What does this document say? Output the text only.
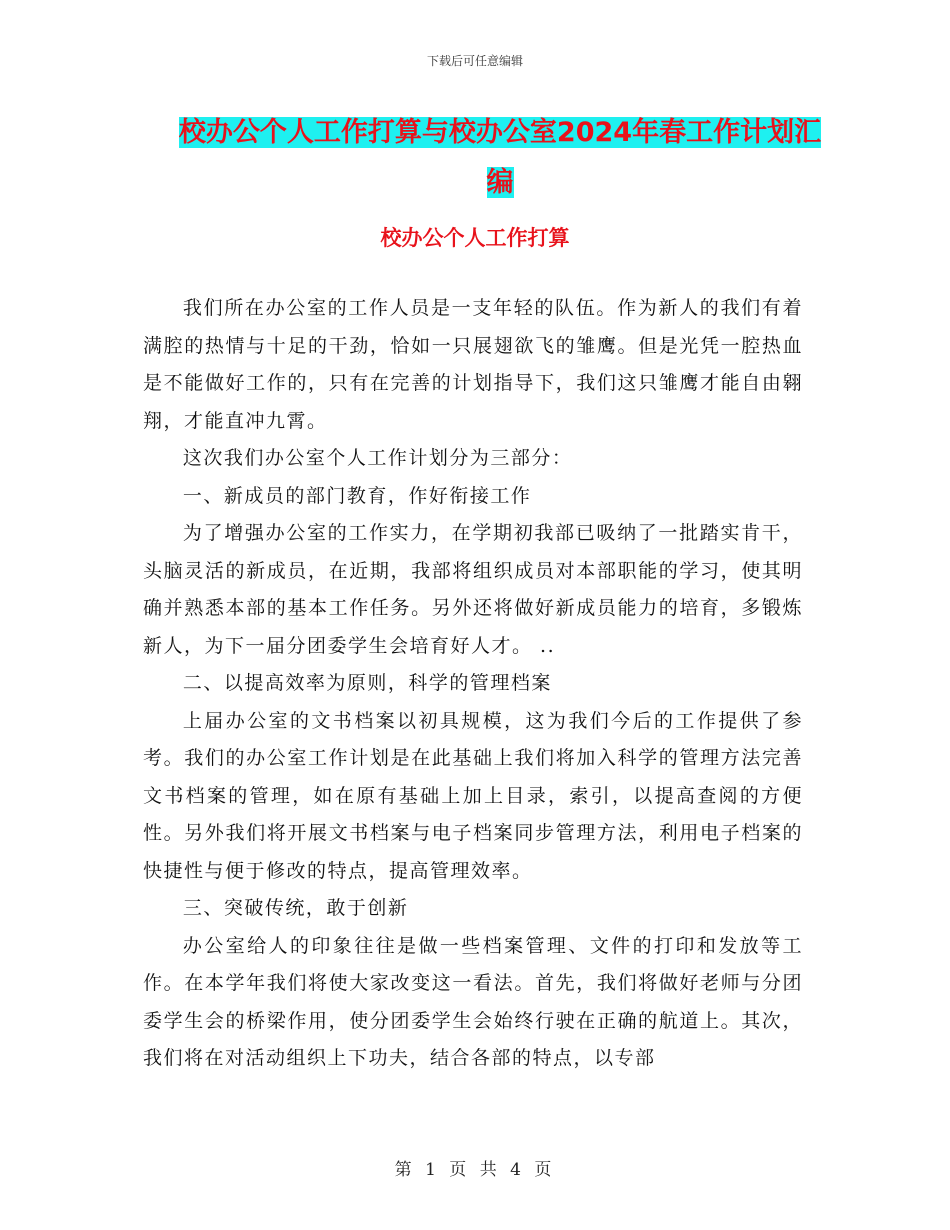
下载后可任意编辑
校办公个人工作打算与校办公室2024年春工作计划汇
编
校办公个人工作打算

我们所在办公室的工作人员是一支年轻的队伍。作为新人的我们有着满腔的热情与十足的干劲，恰如一只展翅欲飞的雏鹰。但是光凭一腔热血是不能做好工作的，只有在完善的计划指导下，我们这只雏鹰才能自由翱翔，才能直冲九霄。

这次我们办公室个人工作计划分为三部分：

一、新成员的部门教育，作好衔接工作

为了增强办公室的工作实力，在学期初我部已吸纳了一批踏实肯干，头脑灵活的新成员，在近期，我部将组织成员对本部职能的学习，使其明确并熟悉本部的基本工作任务。另外还将做好新成员能力的培育，多锻炼新人，为下一届分团委学生会培育好人才。 ..

二、以提高效率为原则，科学的管理档案

上届办公室的文书档案以初具规模，这为我们今后的工作提供了参考。我们的办公室工作计划是在此基础上我们将加入科学的管理方法完善文书档案的管理，如在原有基础上加上目录，索引，以提高查阅的方便性。另外我们将开展文书档案与电子档案同步管理方法，利用电子档案的快捷性与便于修改的特点，提高管理效率。

三、突破传统，敢于创新

办公室给人的印象往往是做一些档案管理、文件的打印和发放等工作。在本学年我们将使大家改变这一看法。首先，我们将做好老师与分团委学生会的桥梁作用，使分团委学生会始终行驶在正确的航道上。其次，我们将在对活动组织上下功夫，结合各部的特点，以专部

第 1 页 共 4 页
